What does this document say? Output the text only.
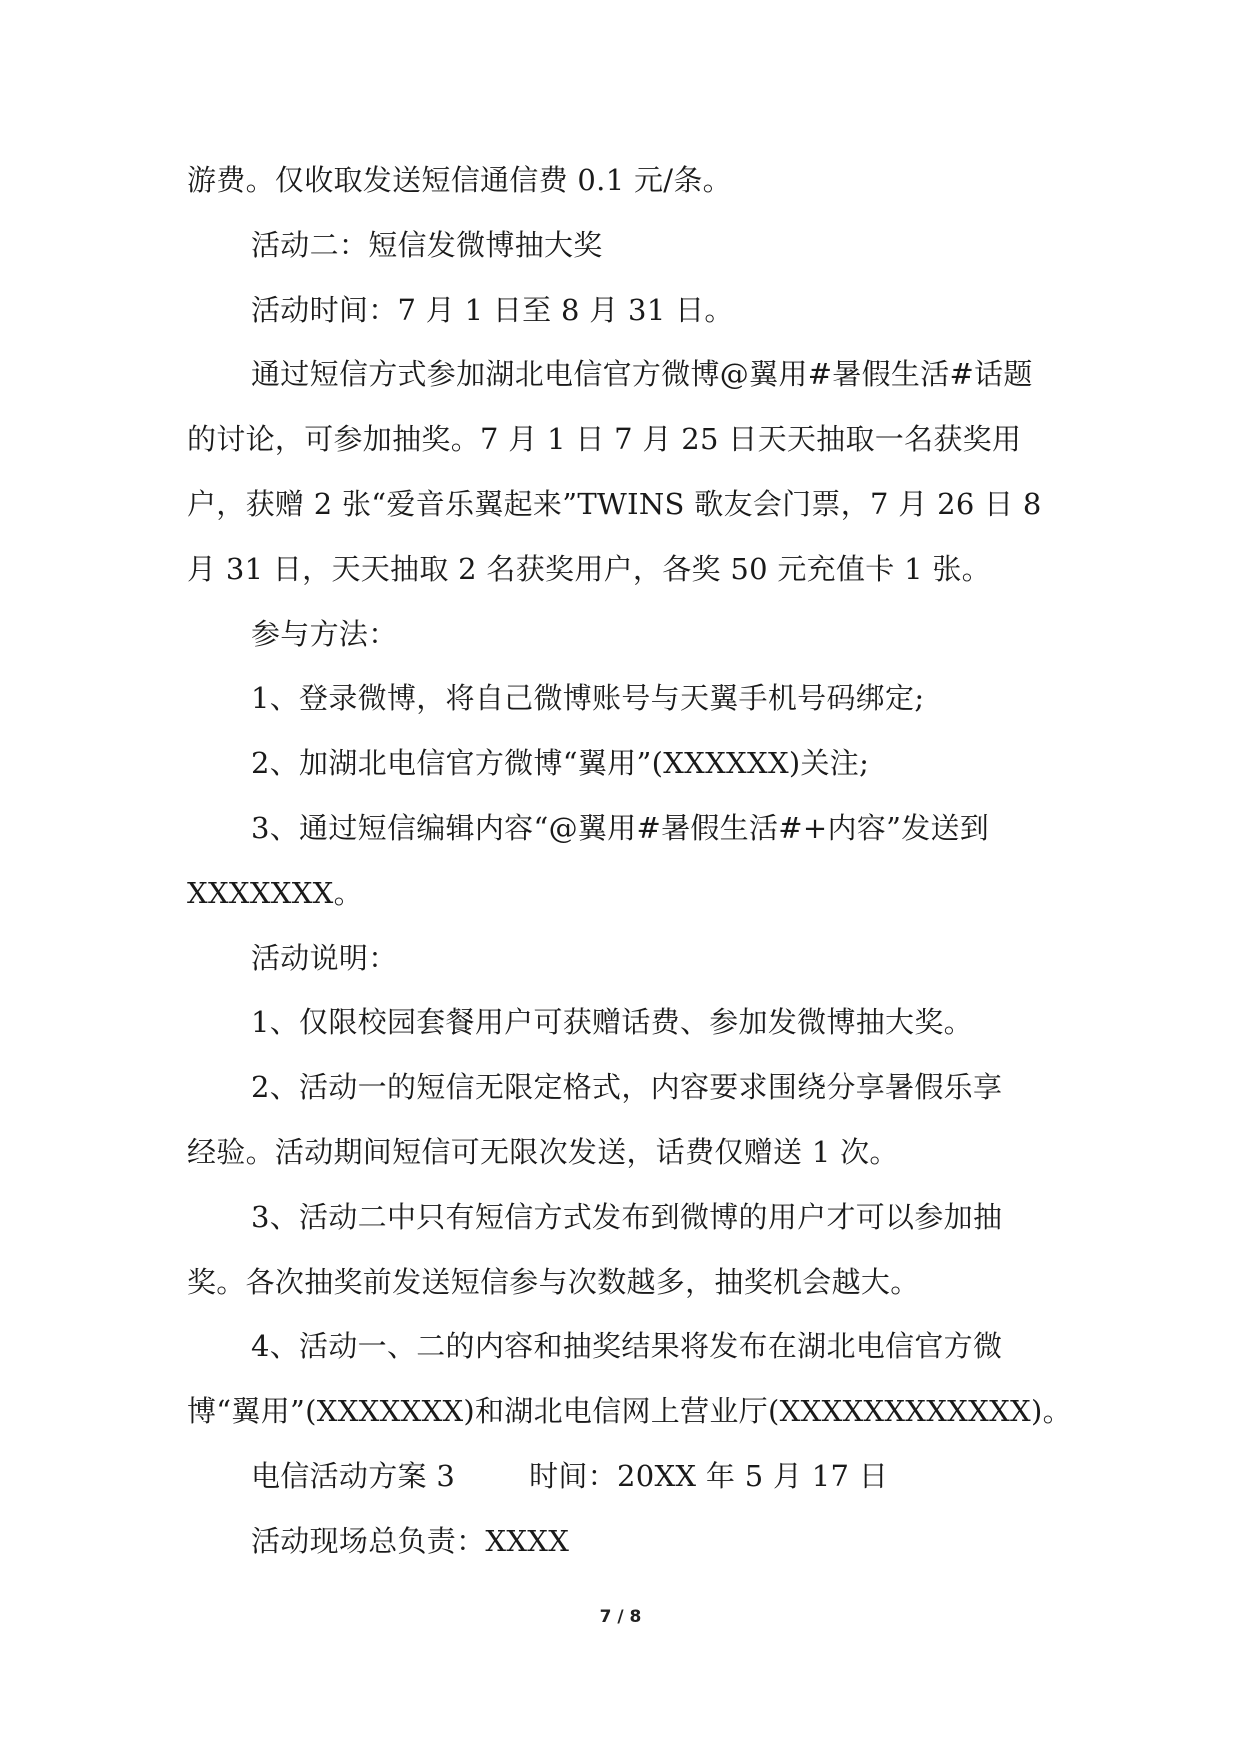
游费。仅收取发送短信通信费 0.1 元/条。
活动二：短信发微博抽大奖
活动时间：7 月 1 日至 8 月 31 日。
通过短信方式参加湖北电信官方微博@翼用#暑假生活#话题
的讨论，可参加抽奖。7 月 1 日 7 月 25 日天天抽取一名获奖用
户，获赠 2 张“爱音乐翼起来”TWINS 歌友会门票，7 月 26 日 8
月 31 日，天天抽取 2 名获奖用户，各奖 50 元充值卡 1 张。
参与方法：
1、登录微博，将自己微博账号与天翼手机号码绑定;
2、加湖北电信官方微博“翼用”(XXXXXX)关注;
3、通过短信编辑内容“@翼用#暑假生活#+内容”发送到
XXXXXXX。
活动说明：
1、仅限校园套餐用户可获赠话费、参加发微博抽大奖。
2、活动一的短信无限定格式，内容要求围绕分享暑假乐享
经验。活动期间短信可无限次发送，话费仅赠送 1 次。
3、活动二中只有短信方式发布到微博的用户才可以参加抽
奖。各次抽奖前发送短信参与次数越多，抽奖机会越大。
4、活动一、二的内容和抽奖结果将发布在湖北电信官方微
博“翼用”(XXXXXXX)和湖北电信网上营业厅(XXXXXXXXXXXX)。
电信活动方案 3	时间：20XX 年 5 月 17 日
活动现场总负责：XXXX
7 / 8
